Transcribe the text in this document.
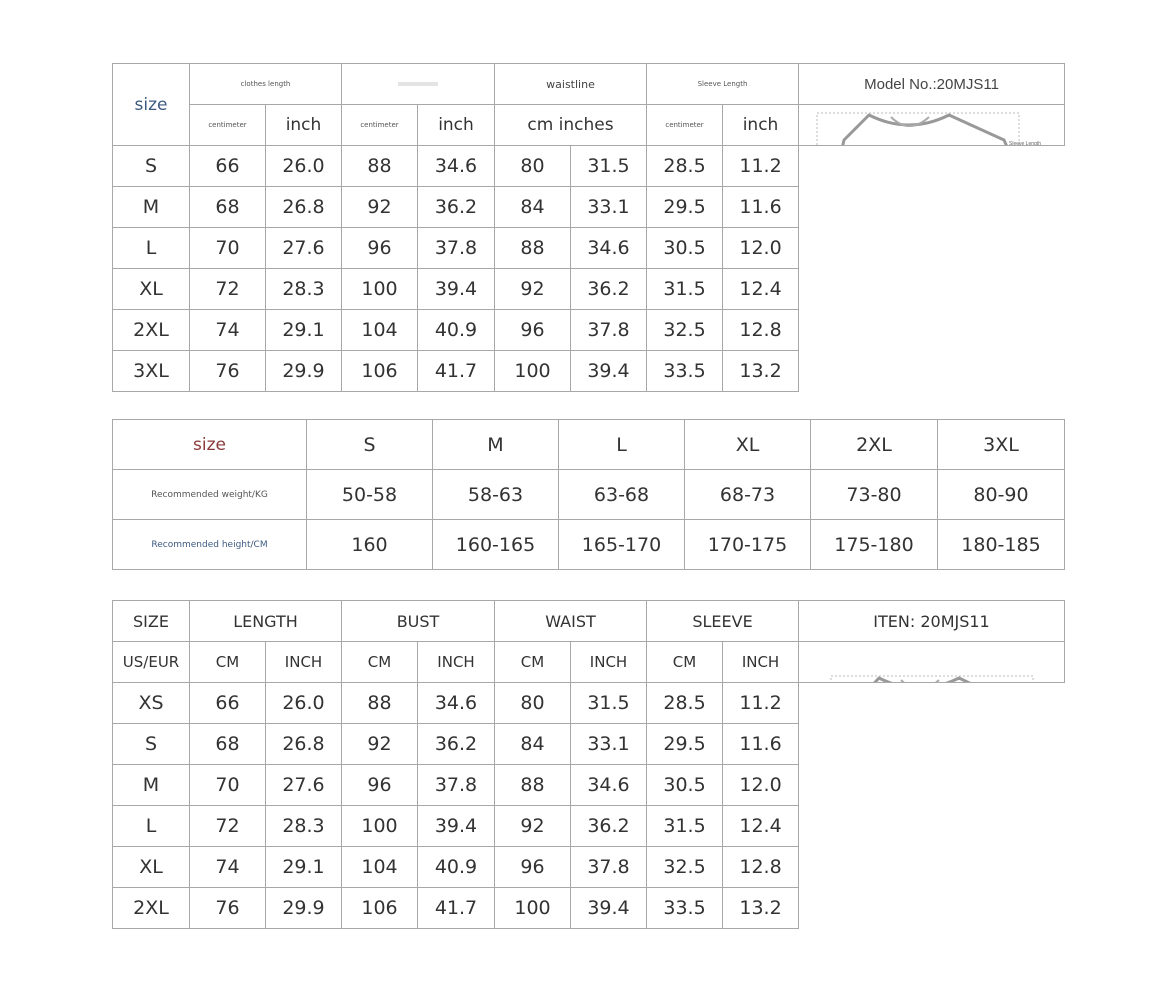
size	clothes length				waistline		Sleeve Length		Model No.:20MJS11
	centimeter	inch	centimeter	inch	cm inches		centimeter	inch	Sleeve Length
clothes length
waistline

S	66	26.0	88	34.6	80	31.5	28.5	11.2	
M	68	26.8	92	36.2	84	33.1	29.5	11.6	
L	70	27.6	96	37.8	88	34.6	30.5	12.0	
XL	72	28.3	100	39.4	92	36.2	31.5	12.4	
2XL	74	29.1	104	40.9	96	37.8	32.5	12.8	
3XL	76	29.9	106	41.7	100	39.4	33.5	13.2	
size	S	M	L	XL	2XL	3XL
Recommended weight/KG	50-58	58-63	63-68	68-73	73-80	80-90
Recommended height/CM	160	160-165	165-170	170-175	175-180	180-185
SIZE	LENGTH		BUST		WAIST		SLEEVE		ITEN: 20MJS11
US/EUR	CM	INCH	CM	INCH	CM	INCH	CM	INCH	Sleeve
Bust
Length
Waist

XS	66	26.0	88	34.6	80	31.5	28.5	11.2	
S	68	26.8	92	36.2	84	33.1	29.5	11.6	
M	70	27.6	96	37.8	88	34.6	30.5	12.0	
L	72	28.3	100	39.4	92	36.2	31.5	12.4	
XL	74	29.1	104	40.9	96	37.8	32.5	12.8	
2XL	76	29.9	106	41.7	100	39.4	33.5	13.2	
